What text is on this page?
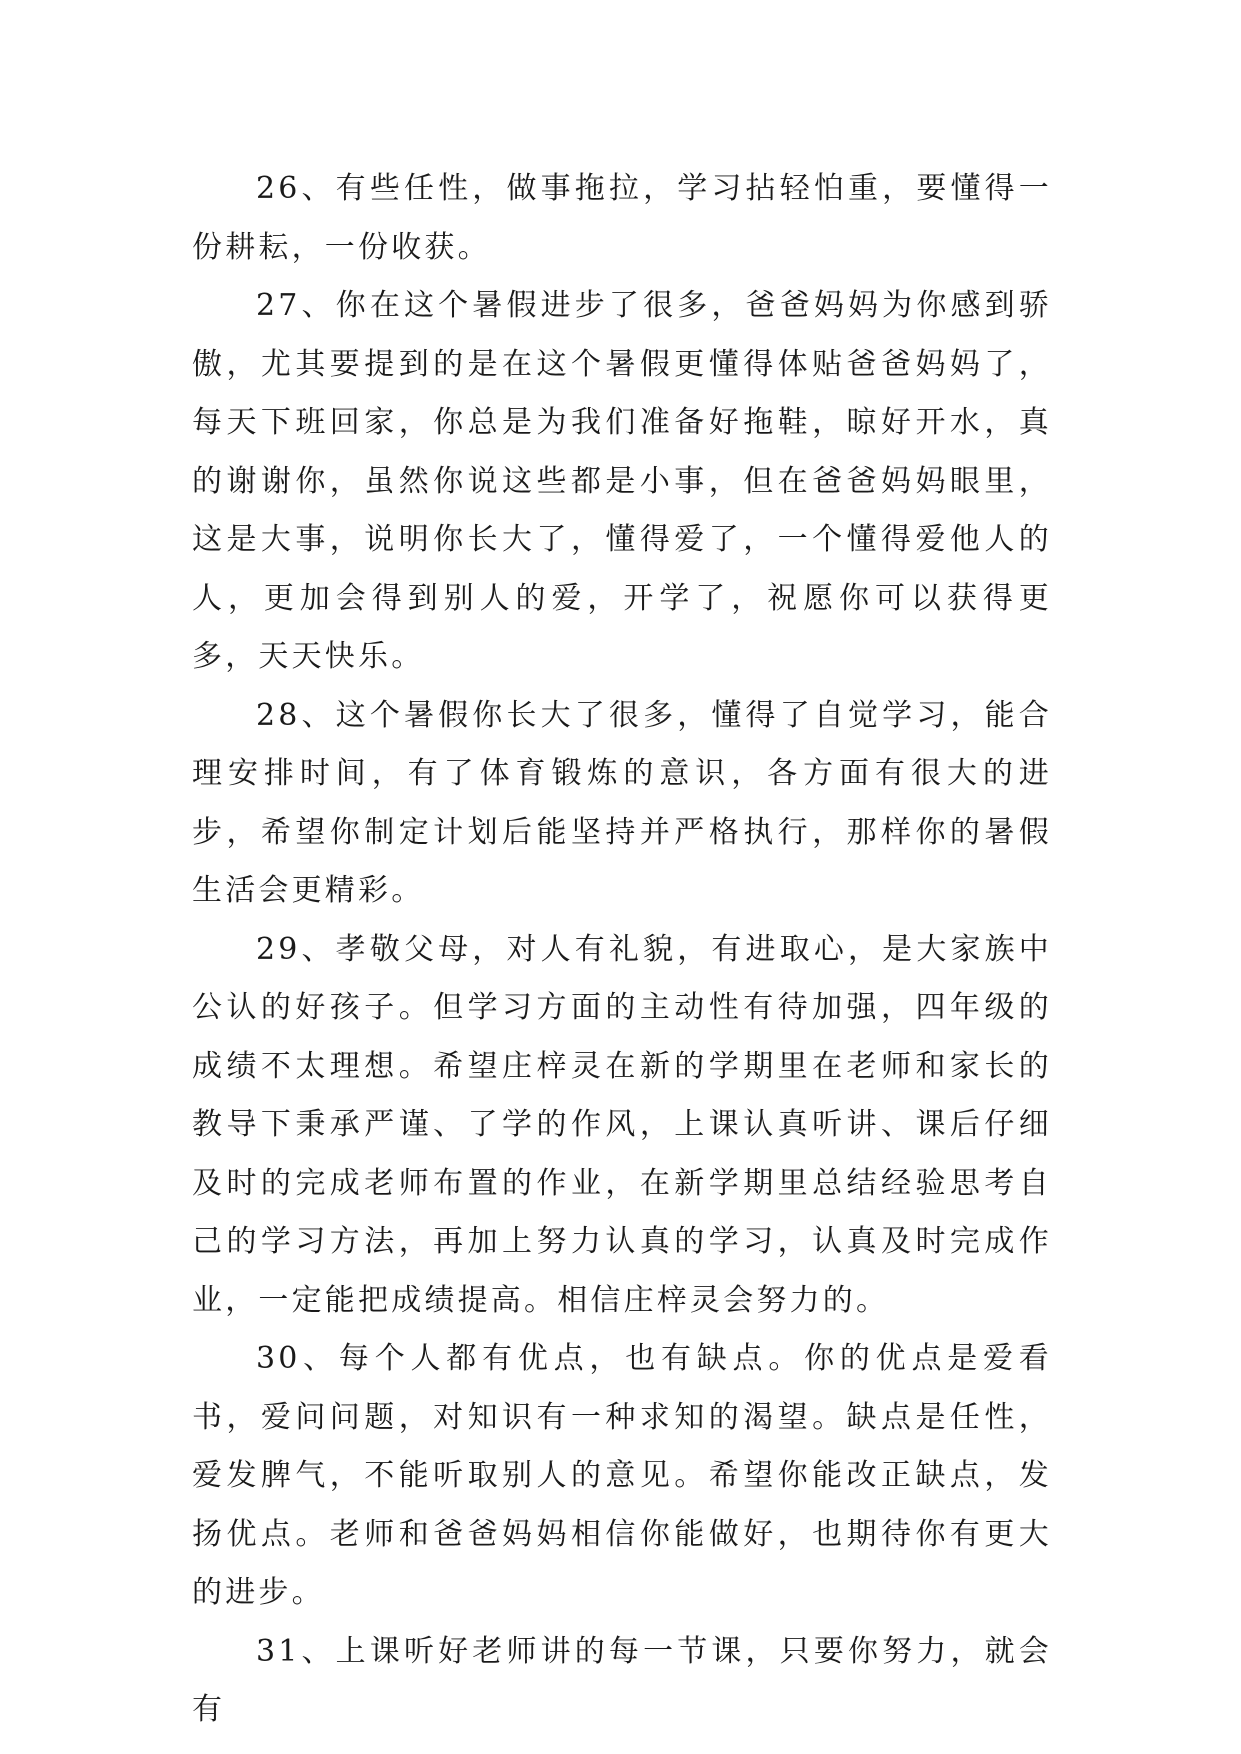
26、有些任性，做事拖拉，学习拈轻怕重，要懂得一份耕耘，一份收获。

27、你在这个暑假进步了很多，爸爸妈妈为你感到骄傲，尤其要提到的是在这个暑假更懂得体贴爸爸妈妈了，每天下班回家，你总是为我们准备好拖鞋，晾好开水，真的谢谢你，虽然你说这些都是小事，但在爸爸妈妈眼里，这是大事，说明你长大了，懂得爱了，一个懂得爱他人的人，更加会得到别人的爱，开学了，祝愿你可以获得更多，天天快乐。

28、这个暑假你长大了很多，懂得了自觉学习，能合理安排时间，有了体育锻炼的意识，各方面有很大的进步，希望你制定计划后能坚持并严格执行，那样你的暑假生活会更精彩。

29、孝敬父母，对人有礼貌，有进取心，是大家族中公认的好孩子。但学习方面的主动性有待加强，四年级的成绩不太理想。希望庄梓灵在新的学期里在老师和家长的教导下秉承严谨、了学的作风，上课认真听讲、课后仔细及时的完成老师布置的作业，在新学期里总结经验思考自己的学习方法，再加上努力认真的学习，认真及时完成作业，一定能把成绩提高。相信庄梓灵会努力的。

30、每个人都有优点，也有缺点。你的优点是爱看书，爱问问题，对知识有一种求知的渴望。缺点是任性，爱发脾气，不能听取别人的意见。希望你能改正缺点，发扬优点。老师和爸爸妈妈相信你能做好，也期待你有更大的进步。

31、上课听好老师讲的每一节课，只要你努力，就会有
